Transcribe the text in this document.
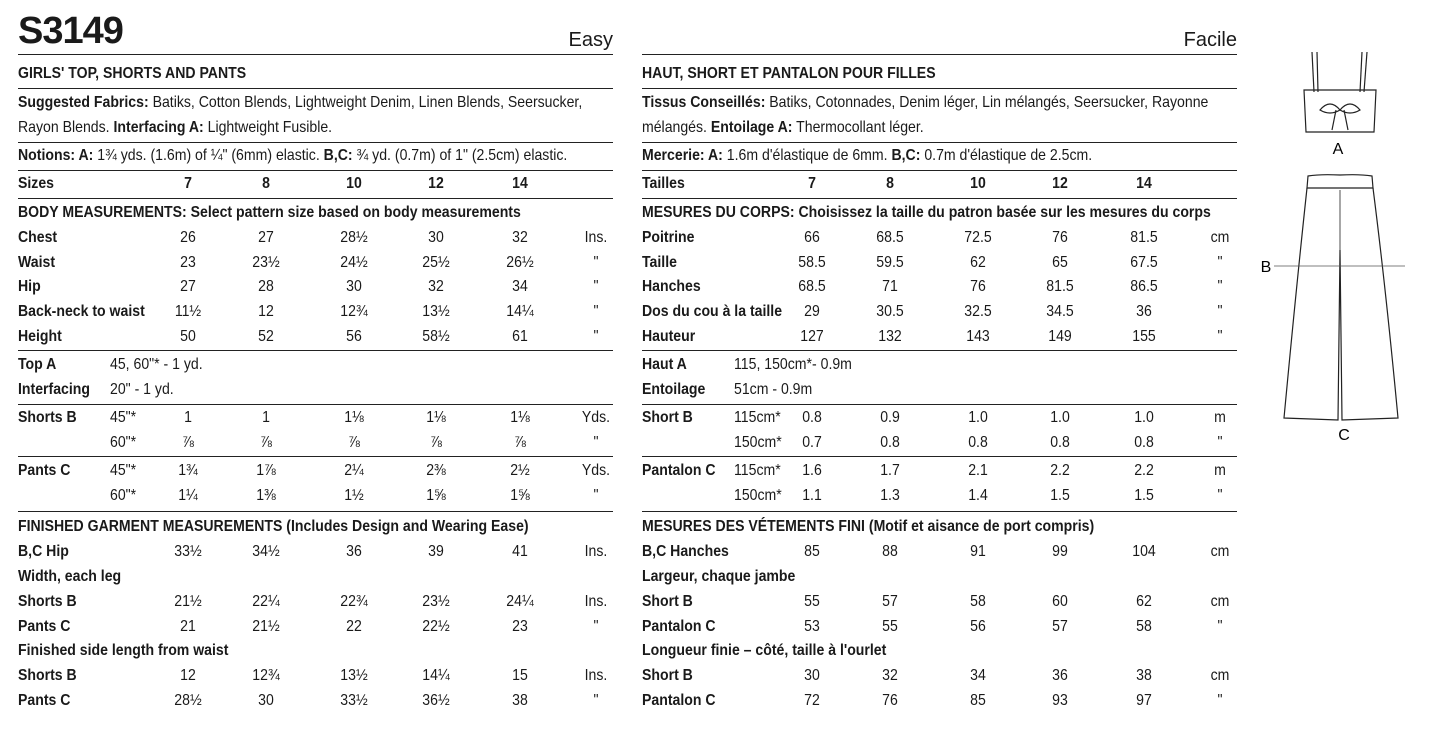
S3149	Easy
GIRLS' TOP, SHORTS AND PANTS
Suggested Fabrics: Batiks, Cotton Blends, Lightweight Denim, Linen Blends, Seersucker,
Rayon Blends. Interfacing A: Lightweight Fusible.
Notions: A: 1¾ yds. (1.6m) of ¼" (6mm) elastic. B,C: ¾ yd. (0.7m) of 1" (2.5cm) elastic.
Sizes	7	8	10	12	14
BODY MEASUREMENTS: Select pattern size based on body measurements
Chest	26	27	28½	30	32	Ins.
Waist	23	23½	24½	25½	26½	"
Hip	27	28	30	32	34	"
Back-neck to waist 11½	12	12¾	13½	14¼	"
Height	50	52	56	58½	61	"
Top A	45, 60"* - 1 yd.
Interfacing 20" - 1 yd.
Shorts B 45"*	1	1	1⅛	1⅛	1⅛	Yds.
60"*	⅞	⅞	⅞	⅞	⅞	"
Pants C 45"*	1¾	1⅞	2¼	2⅜	2½	Yds.
60"*	1¼	1⅜	1½	1⅝	1⅝	"
FINISHED GARMENT MEASUREMENTS (Includes Design and Wearing Ease)
B,C Hip	33½	34½	36	39	41	Ins.
Width, each leg
Shorts B	21½	22¼	22¾	23½	24¼	Ins.
Pants C	21	21½	22	22½	23	"
Finished side length from waist
Shorts B	12	12¾	13½	14¼	15	Ins.
Pants C	28½	30	33½	36½	38	"
Facile
HAUT, SHORT ET PANTALON POUR FILLES
Tissus Conseillés: Batiks, Cotonnades, Denim léger, Lin mélangés, Seersucker, Rayonne
mélangés. Entoilage A: Thermocollant léger.
Mercerie: A: 1.6m d'élastique de 6mm. B,C: 0.7m d'élastique de 2.5cm.
Tailles	7	8	10	12	14
MESURES DU CORPS: Choisissez la taille du patron basée sur les mesures du corps
Poitrine	66	68.5	72.5	76	81.5	cm
Taille	58.5	59.5	62	65	67.5	"
Hanches	68.5	71	76	81.5	86.5	"
Dos du cou à la taille 29	30.5	32.5	34.5	36	"
Hauteur	127	132	143	149	155	"
Haut A	115, 150cm*- 0.9m
Entoilage 51cm - 0.9m
Short B	115cm* 0.8	0.9	1.0	1.0	1.0	m
150cm* 0.7	0.8	0.8	0.8	0.8	"
Pantalon C 115cm* 1.6	1.7	2.1	2.2	2.2	m
150cm* 1.1	1.3	1.4	1.5	1.5	"
MESURES DES VÉTEMENTS FINI (Motif et aisance de port compris)
B,C Hanches	85	88	91	99	104	cm
Largeur, chaque jambe
Short B	55	57	58	60	62	cm
Pantalon C	53	55	56	57	58	"
Longueur finie – côté, taille à l'ourlet
Short B	30	32	34	36	38	cm
Pantalon C	72	76	85	93	97	"
A
B
C
